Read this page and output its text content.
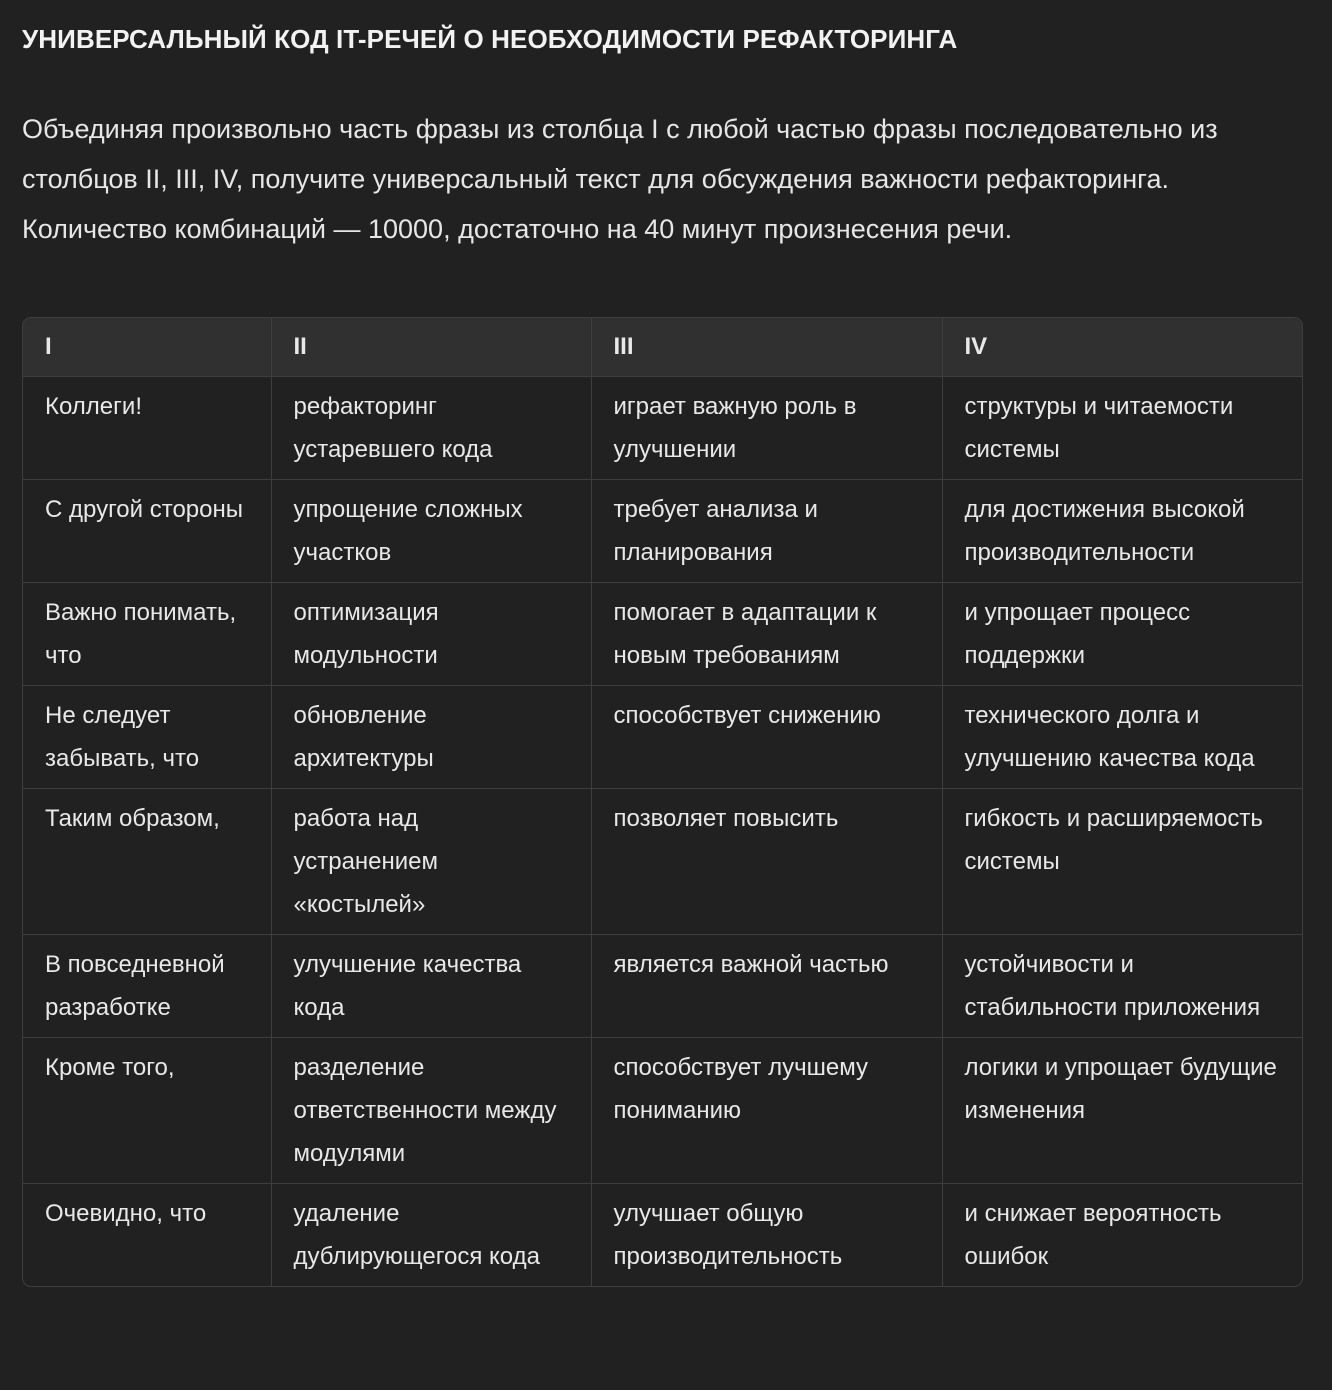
УНИВЕРСАЛЬНЫЙ КОД IT-РЕЧЕЙ О НЕОБХОДИМОСТИ РЕФАКТОРИНГА

Объединяя произвольно часть фразы из столбца I с любой частью фразы последовательно из столбцов II, III, IV, получите универсальный текст для обсуждения важности рефакторинга. Количество комбинаций — 10000, достаточно на 40 минут произнесения речи.

I	II	III	IV
Коллеги!	рефакторинг устаревшего кода	играет важную роль в улучшении	структуры и читаемости системы
С другой стороны	упрощение сложных участков	требует анализа и планирования	для достижения высокой производительности
Важно понимать, что	оптимизация модульности	помогает в адаптации к новым требованиям	и упрощает процесс поддержки
Не следует забывать, что	обновление архитектуры	способствует снижению	технического долга и улучшению качества кода
Таким образом,	работа над устранением «костылей»	позволяет повысить	гибкость и расширяемость системы
В повседневной разработке	улучшение качества кода	является важной частью	устойчивости и стабильности приложения
Кроме того,	разделение ответственности между модулями	способствует лучшему пониманию	логики и упрощает будущие изменения
Очевидно, что	удаление дублирующегося кода	улучшает общую производительность	и снижает вероятность ошибок
